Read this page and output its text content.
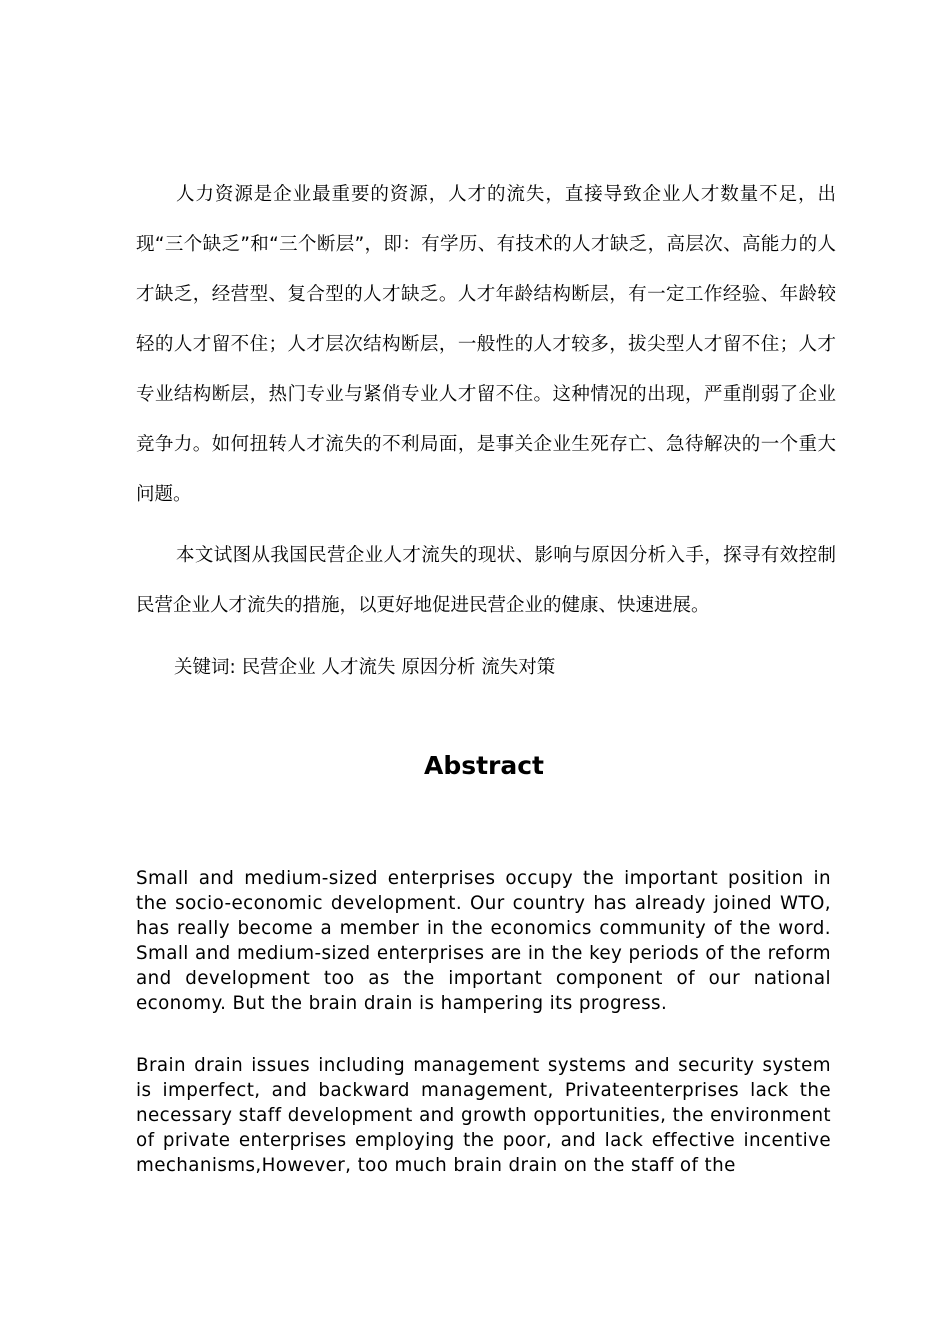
人力资源是企业最重要的资源，人才的流失，直接导致企业人才数量不足，出现“三个缺乏”和“三个断层”，即：有学历、有技术的人才缺乏，高层次、高能力的人才缺乏，经营型、复合型的人才缺乏。人才年龄结构断层，有一定工作经验、年龄较轻的人才留不住；人才层次结构断层，一般性的人才较多，拔尖型人才留不住；人才专业结构断层，热门专业与紧俏专业人才留不住。这种情况的出现，严重削弱了企业竞争力。如何扭转人才流失的不利局面，是事关企业生死存亡、急待解决的一个重大问题。

本文试图从我国民营企业人才流失的现状、影响与原因分析入手，探寻有效控制民营企业人才流失的措施，以更好地促进民营企业的健康、快速进展。

关键词: 民营企业 人才流失 原因分析 流失对策

Abstract

Small and medium-sized enterprises occupy the important position in the socio-economic development. Our country has already joined WTO, has really become a member in the economics community of the word. Small and medium-sized enterprises are in the key periods of the reform and development too as the important component of our national economy. But the brain drain is hampering its progress.

Brain drain issues including management systems and security system is imperfect, and backward management, Privateenterprises lack the necessary staff development and growth opportunities, the environment of private enterprises employing the poor, and lack effective incentive mechanisms,However, too much brain drain on the staff of the
